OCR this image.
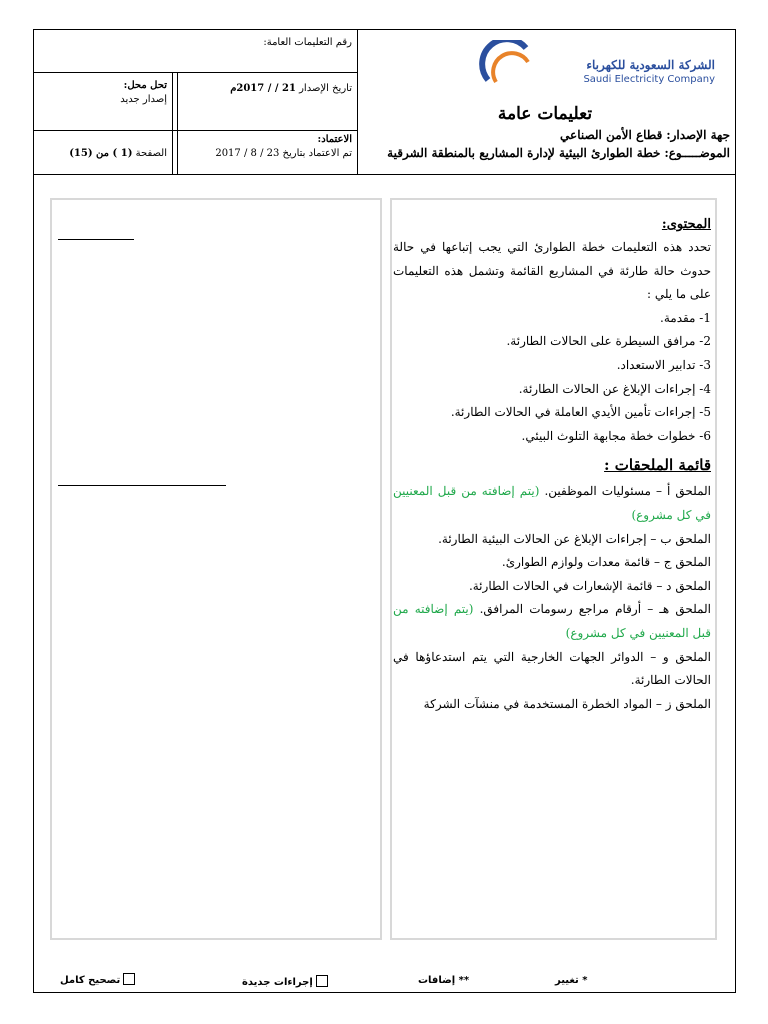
الشركة السعودية للكهرباء
Saudi Electricity Company
تعليمات عامة
جهة الإصدار: قطاع الأمن الصناعي
الموضـــــوع: خطة الطوارئ البيئية لإدارة المشاريع بالمنطقة الشرقية
رقم التعليمات العامة:
تاريخ الإصدار 21 / / 2017م
تحل محل:
إصدار جديد
الاعتماد:
تم الاعتماد بتاريخ 23 / 8 / 2017
الصفحة (1 ) من (15)

المحتوى:

تحدد هذه التعليمات خطة الطوارئ التي يجب إتباعها في حالة حدوث حالة طارئة في المشاريع القائمة وتشمل هذه التعليمات على ما يلي :

1- مقدمة.

2- مرافق السيطرة على الحالات الطارئة.

3- تدابير الاستعداد.

4- إجراءات الإبلاغ عن الحالات الطارئة.

5- إجراءات تأمين الأيدي العاملة في الحالات الطارئة.

6- خطوات خطة مجابهة التلوث البيئي.

قائمة الملحقات :

الملحق أ – مسئوليات الموظفين. (يتم إضافته من قبل المعنيين في كل مشروع)

الملحق ب – إجراءات الإبلاغ عن الحالات البيئية الطارئة.

الملحق ج – قائمة معدات ولوازم الطوارئ.

الملحق د – قائمة الإشعارات في الحالات الطارئة.

الملحق هـ – أرقام مراجع رسومات المرافق. (يتم إضافته من قبل المعنيين في كل مشروع)

الملحق و – الدوائر الجهات الخارجية التي يتم استدعاؤها في الحالات الطارئة.

الملحق ز – المواد الخطرة المستخدمة في منشآت الشركة

* تغيير
** إضافات
إجراءات جديدة
تصحيح كامل
